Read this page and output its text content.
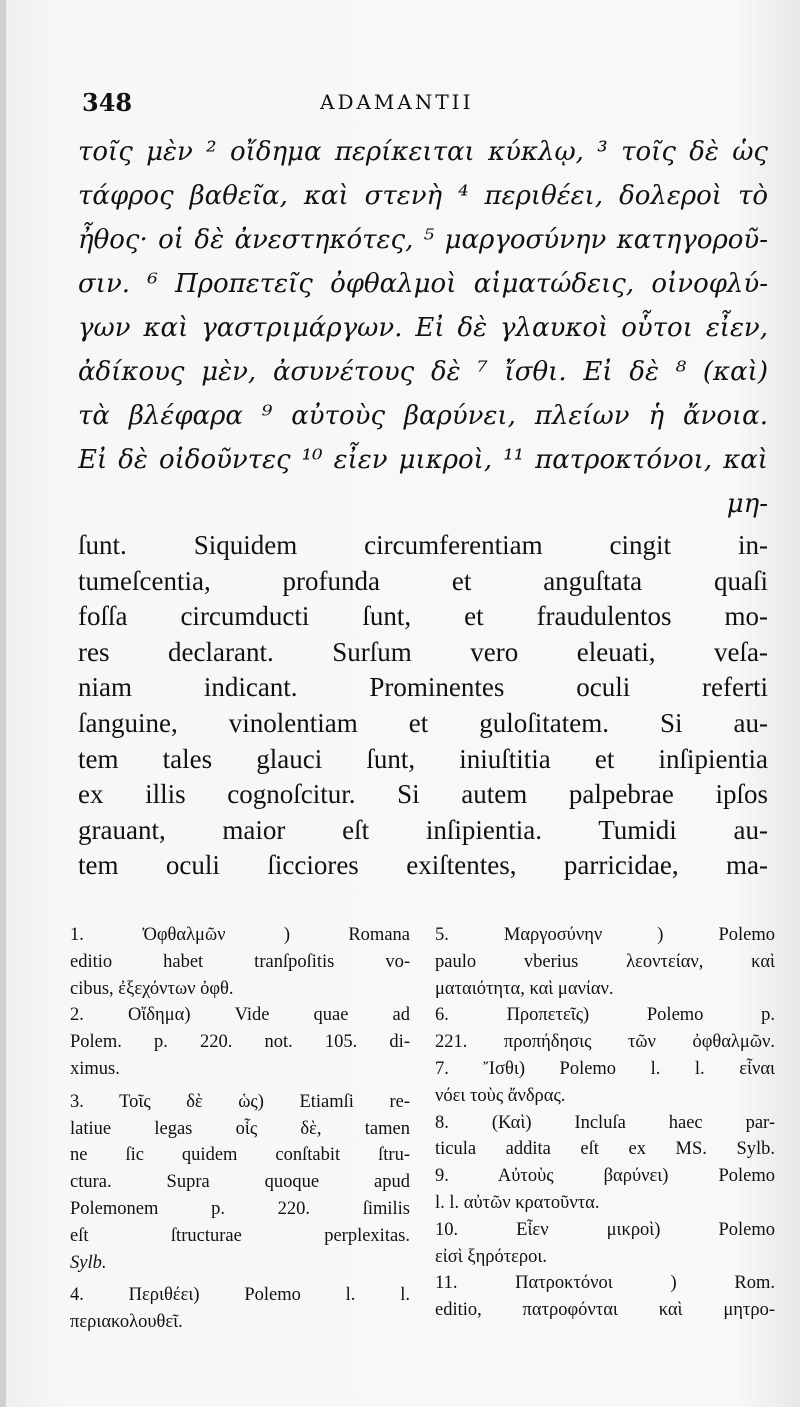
348	ADAMANTII
τοῖς μὲν ² οἴδημα περίκειται κύκλῳ, ³ τοῖς δὲ ὡς
τάφρος βαθεῖα, καὶ στενὴ ⁴ περιθέει, δολεροὶ τὸ
ἦθος· οἱ δὲ ἀνεστηκότες, ⁵ μαργοσύνην κατηγοροῦ-
σιν. ⁶ Προπετεῖς ὀφθαλμοὶ αἱματώδεις, οἰνοφλύ-
γων καὶ γαστριμάργων. Εἰ δὲ γλαυκοὶ οὗτοι εἶεν,
ἀδίκους μὲν, ἀσυνέτους δὲ ⁷ ἴσθι. Εἰ δὲ ⁸ (καὶ)
τὰ βλέφαρα ⁹ αὐτοὺς βαρύνει, πλείων ἡ ἄνοια.
Εἰ δὲ οἰδοῦντες ¹⁰ εἶεν μικροὶ, ¹¹ πατροκτόνοι, καὶ
μη-
ſunt. Siquidem circumferentiam cingit in-
tumeſcentia, profunda et anguſtata quaſi
foſſa circumducti ſunt, et fraudulentos mo-
res declarant. Surſum vero eleuati, veſa-
niam indicant. Prominentes oculi referti
ſanguine, vinolentiam et guloſitatem. Si au-
tem tales glauci ſunt, iniuſtitia et inſipientia
ex illis cognoſcitur. Si autem palpebrae ipſos
grauant, maior eſt inſipientia. Tumidi au-
tem oculi ſicciores exiſtentes, parricidae, ma-
1. Ὀφθαλμῶν ) Romana
editio habet tranſpoſitis vo-
cibus, ἐξεχόντων ὀφθ.
2. Οἴδημα) Vide quae ad
Polem. p. 220. not. 105. di-
ximus.
3. Τοῖς δὲ ὡς) Etiamſi re-
latiue legas οἷς δὲ, tamen
ne ſic quidem conſtabit ſtru-
ctura. Supra quoque apud
Polemonem p. 220. ſimilis
eſt ſtructurae perplexitas.
Sylb.
4. Περιθέει) Polemo l. l.
περιακολουθεῖ.
5. Μαργοσύνην ) Polemo
paulo vberius λεοντείαν, καὶ
ματαιότητα, καὶ μανίαν.
6. Προπετεῖς) Polemo p.
221. προπήδησις τῶν ὀφθαλμῶν.
7. Ἴσθι) Polemo l. l. εἶναι
νόει τοὺς ἄνδρας.
8. (Καὶ) Incluſa haec par-
ticula addita eſt ex MS. Sylb.
9. Αὐτοὺς βαρύνει) Polemo
l. l. αὐτῶν κρατοῦντα.
10. Εἶεν μικροὶ) Polemo
εἰσὶ ξηρότεροι.
11. Πατροκτόνοι ) Rom.
editio, πατροφόνται καὶ μητρο-
